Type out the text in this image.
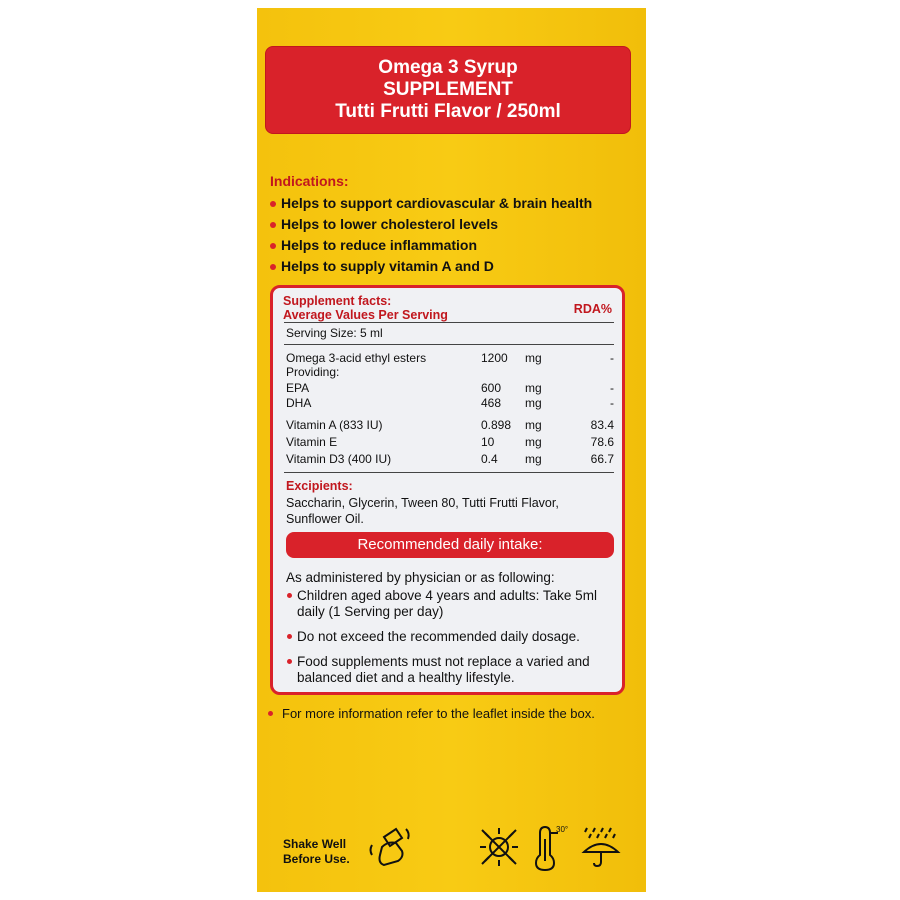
Omega 3 Syrup
SUPPLEMENT
Tutti Frutti Flavor / 250ml
Indications:
Helps to support cardiovascular & brain health
Helps to lower cholesterol levels
Helps to reduce inflammation
Helps to supply vitamin A and D
Supplement facts:
Average Values Per Serving	RDA%
Serving Size: 5 ml
Omega 3-acid ethyl esters	1200 mg	-
Providing:
EPA	600 mg	-
DHA	468 mg	-
Vitamin A (833 IU)	0.898 mg	83.4
Vitamin E	10	mg	78.6
Vitamin D3 (400 IU)	0.4 mg	66.7
Excipients:
Saccharin, Glycerin, Tween 80, Tutti Frutti Flavor, Sunflower Oil.
Recommended daily intake:
As administered by physician or as following:
Children aged above 4 years and adults: Take 5ml daily (1 Serving per day)
Do not exceed the recommended daily dosage.
Food supplements must not replace a varied and balanced diet and a healthy lifestyle.
For more information refer to the leaflet inside the box.
Shake Well
Before Use.
30°
